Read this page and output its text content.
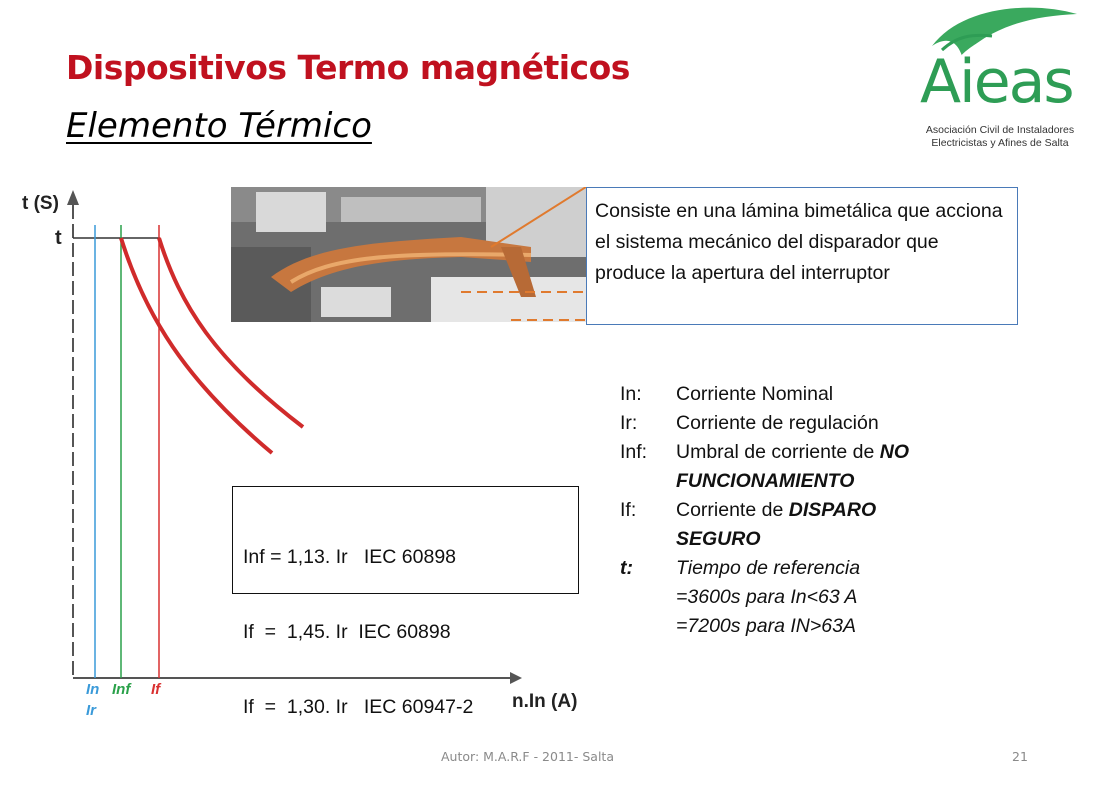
Dispositivos Termo magnéticos
Elemento Térmico
Aieas
Asociación Civil de Instaladores
Electricistas y Afines de Salta
Consiste en una lámina bimetálica que acciona el sistema mecánico del disparador que produce la apertura del interruptor
t (S)
t
n.In (A)
In
Ir
Inf If

Inf = 1,13. Ir   IEC 60898

If  =  1,45. Ir  IEC 60898

If  =  1,30. Ir   IEC 60947-2

In:	Corriente Nominal
Ir:	Corriente de regulación
Inf:	Umbral de corriente de NO
FUNCIONAMIENTO
If:	Corriente de DISPARO
SEGURO
t:	Tiempo de referencia
=3600s para In<63 A
=7200s para IN>63A
Autor: M.A.R.F - 2011- Salta	21
